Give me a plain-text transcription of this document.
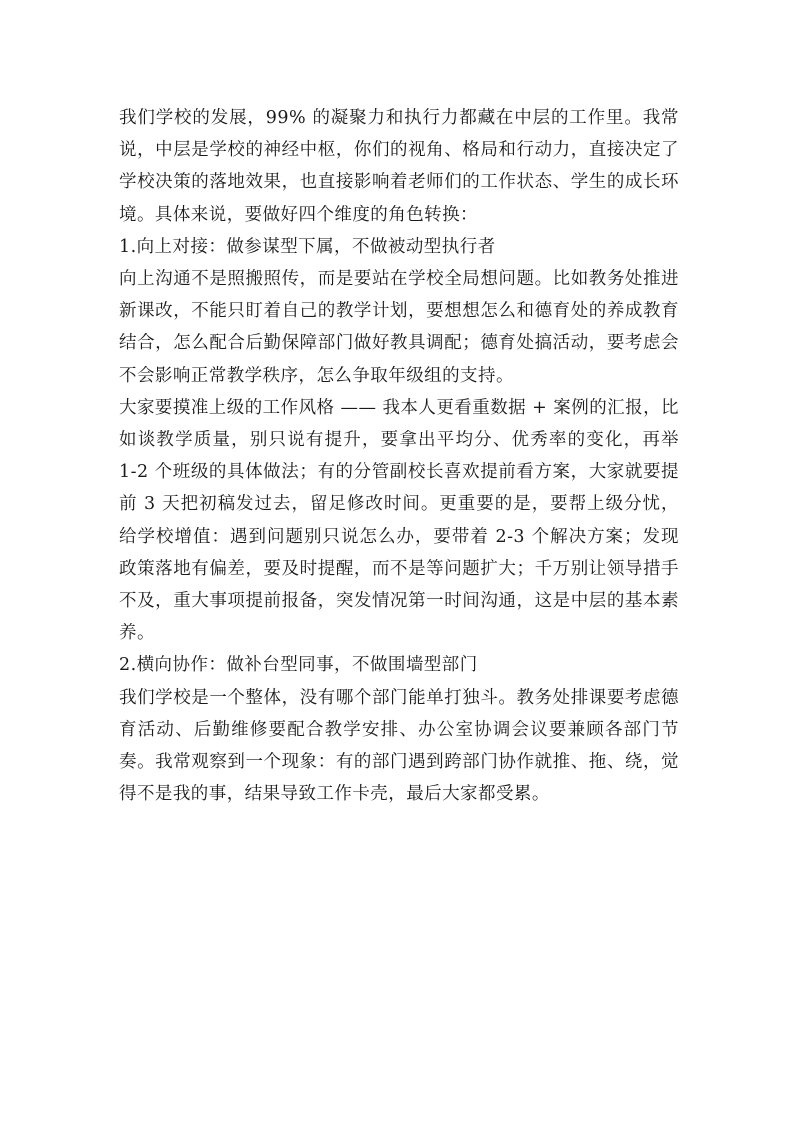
我们学校的发展，99% 的凝聚力和执行力都藏在中层的工作里。我常说，中层是学校的神经中枢，你们的视角、格局和行动力，直接决定了学校决策的落地效果，也直接影响着老师们的工作状态、学生的成长环境。具体来说，要做好四个维度的角色转换：

1.向上对接：做参谋型下属，不做被动型执行者

向上沟通不是照搬照传，而是要站在学校全局想问题。比如教务处推进新课改，不能只盯着自己的教学计划，要想想怎么和德育处的养成教育结合，怎么配合后勤保障部门做好教具调配；德育处搞活动，要考虑会不会影响正常教学秩序，怎么争取年级组的支持。

大家要摸准上级的工作风格 —— 我本人更看重数据 + 案例的汇报，比如谈教学质量，别只说有提升，要拿出平均分、优秀率的变化，再举 1-2 个班级的具体做法；有的分管副校长喜欢提前看方案，大家就要提前 3 天把初稿发过去，留足修改时间。更重要的是，要帮上级分忧，给学校增值：遇到问题别只说怎么办，要带着 2-3 个解决方案；发现政策落地有偏差，要及时提醒，而不是等问题扩大；千万别让领导措手不及，重大事项提前报备，突发情况第一时间沟通，这是中层的基本素养。

2.横向协作：做补台型同事，不做围墙型部门

我们学校是一个整体，没有哪个部门能单打独斗。教务处排课要考虑德育活动、后勤维修要配合教学安排、办公室协调会议要兼顾各部门节奏。我常观察到一个现象：有的部门遇到跨部门协作就推、拖、绕，觉得不是我的事，结果导致工作卡壳，最后大家都受累。
